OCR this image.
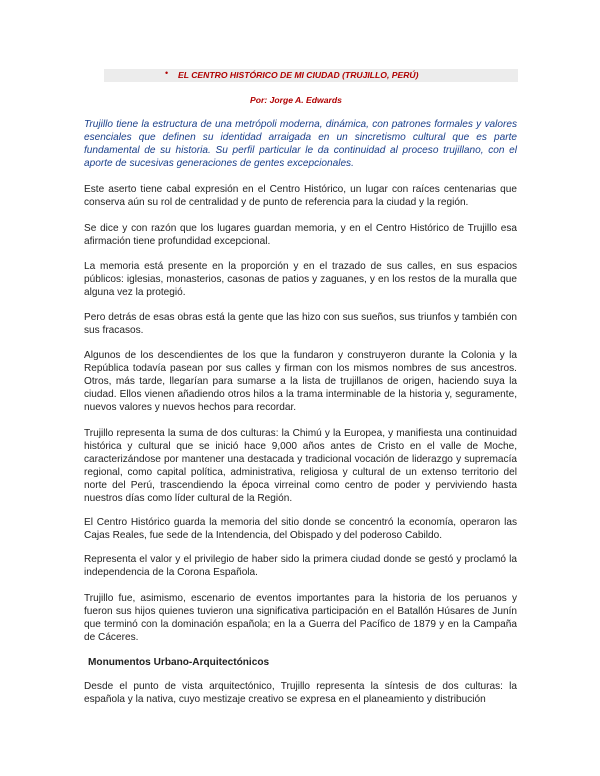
• EL CENTRO HISTÓRICO DE MI CIUDAD (TRUJILLO, PERÚ)
Por: Jorge A. Edwards

Trujillo tiene la estructura de una metrópoli moderna, dinámica, con patrones formales y valores esenciales que definen su identidad arraigada en un sincretismo cultural que es parte fundamental de su historia. Su perfil particular le da continuidad al proceso trujillano, con el aporte de sucesivas generaciones de gentes excepcionales.

Este aserto tiene cabal expresión en el Centro Histórico, un lugar con raíces centenarias que conserva aún su rol de centralidad y de punto de referencia para la ciudad y la región.

Se dice y con razón que los lugares guardan memoria, y en el Centro Histórico de Trujillo esa afirmación tiene profundidad excepcional.

La memoria está presente en la proporción y en el trazado de sus calles, en sus espacios públicos: iglesias, monasterios, casonas de patios y zaguanes, y en los restos de la muralla que alguna vez la protegió.

Pero detrás de esas obras está la gente que las hizo con sus sueños, sus triunfos y también con sus fracasos.

Algunos de los descendientes de los que la fundaron y construyeron durante la Colonia y la República todavía pasean por sus calles y firman con los mismos nombres de sus ancestros. Otros, más tarde, llegarían para sumarse a la lista de trujillanos de origen, haciendo suya la ciudad. Ellos vienen añadiendo otros hilos a la trama interminable de la historia y, seguramente, nuevos valores y nuevos hechos para recordar.

Trujillo representa la suma de dos culturas: la Chimú y la Europea, y manifiesta una continuidad histórica y cultural que se inició hace 9,000 años antes de Cristo en el valle de Moche, caracterizándose por mantener una destacada y tradicional vocación de liderazgo y supremacía regional, como capital política, administrativa, religiosa y cultural de un extenso territorio del norte del Perú, trascendiendo la época virreinal como centro de poder y perviviendo hasta nuestros días como líder cultural de la Región.

El Centro Histórico guarda la memoria del sitio donde se concentró la economía, operaron las Cajas Reales, fue sede de la Intendencia, del Obispado y del poderoso Cabildo.

Representa el valor y el privilegio de haber sido la primera ciudad donde se gestó y proclamó la independencia de la Corona Española.

Trujillo fue, asimismo, escenario de eventos importantes para la historia de los peruanos y fueron sus hijos quienes tuvieron una significativa participación en el Batallón Húsares de Junín que terminó con la dominación española; en la a Guerra del Pacífico de 1879 y en la Campaña de Cáceres.

Monumentos Urbano-Arquitectónicos

Desde el punto de vista arquitectónico, Trujillo representa la síntesis de dos culturas: la española y la nativa, cuyo mestizaje creativo se expresa en el planeamiento y distribución
